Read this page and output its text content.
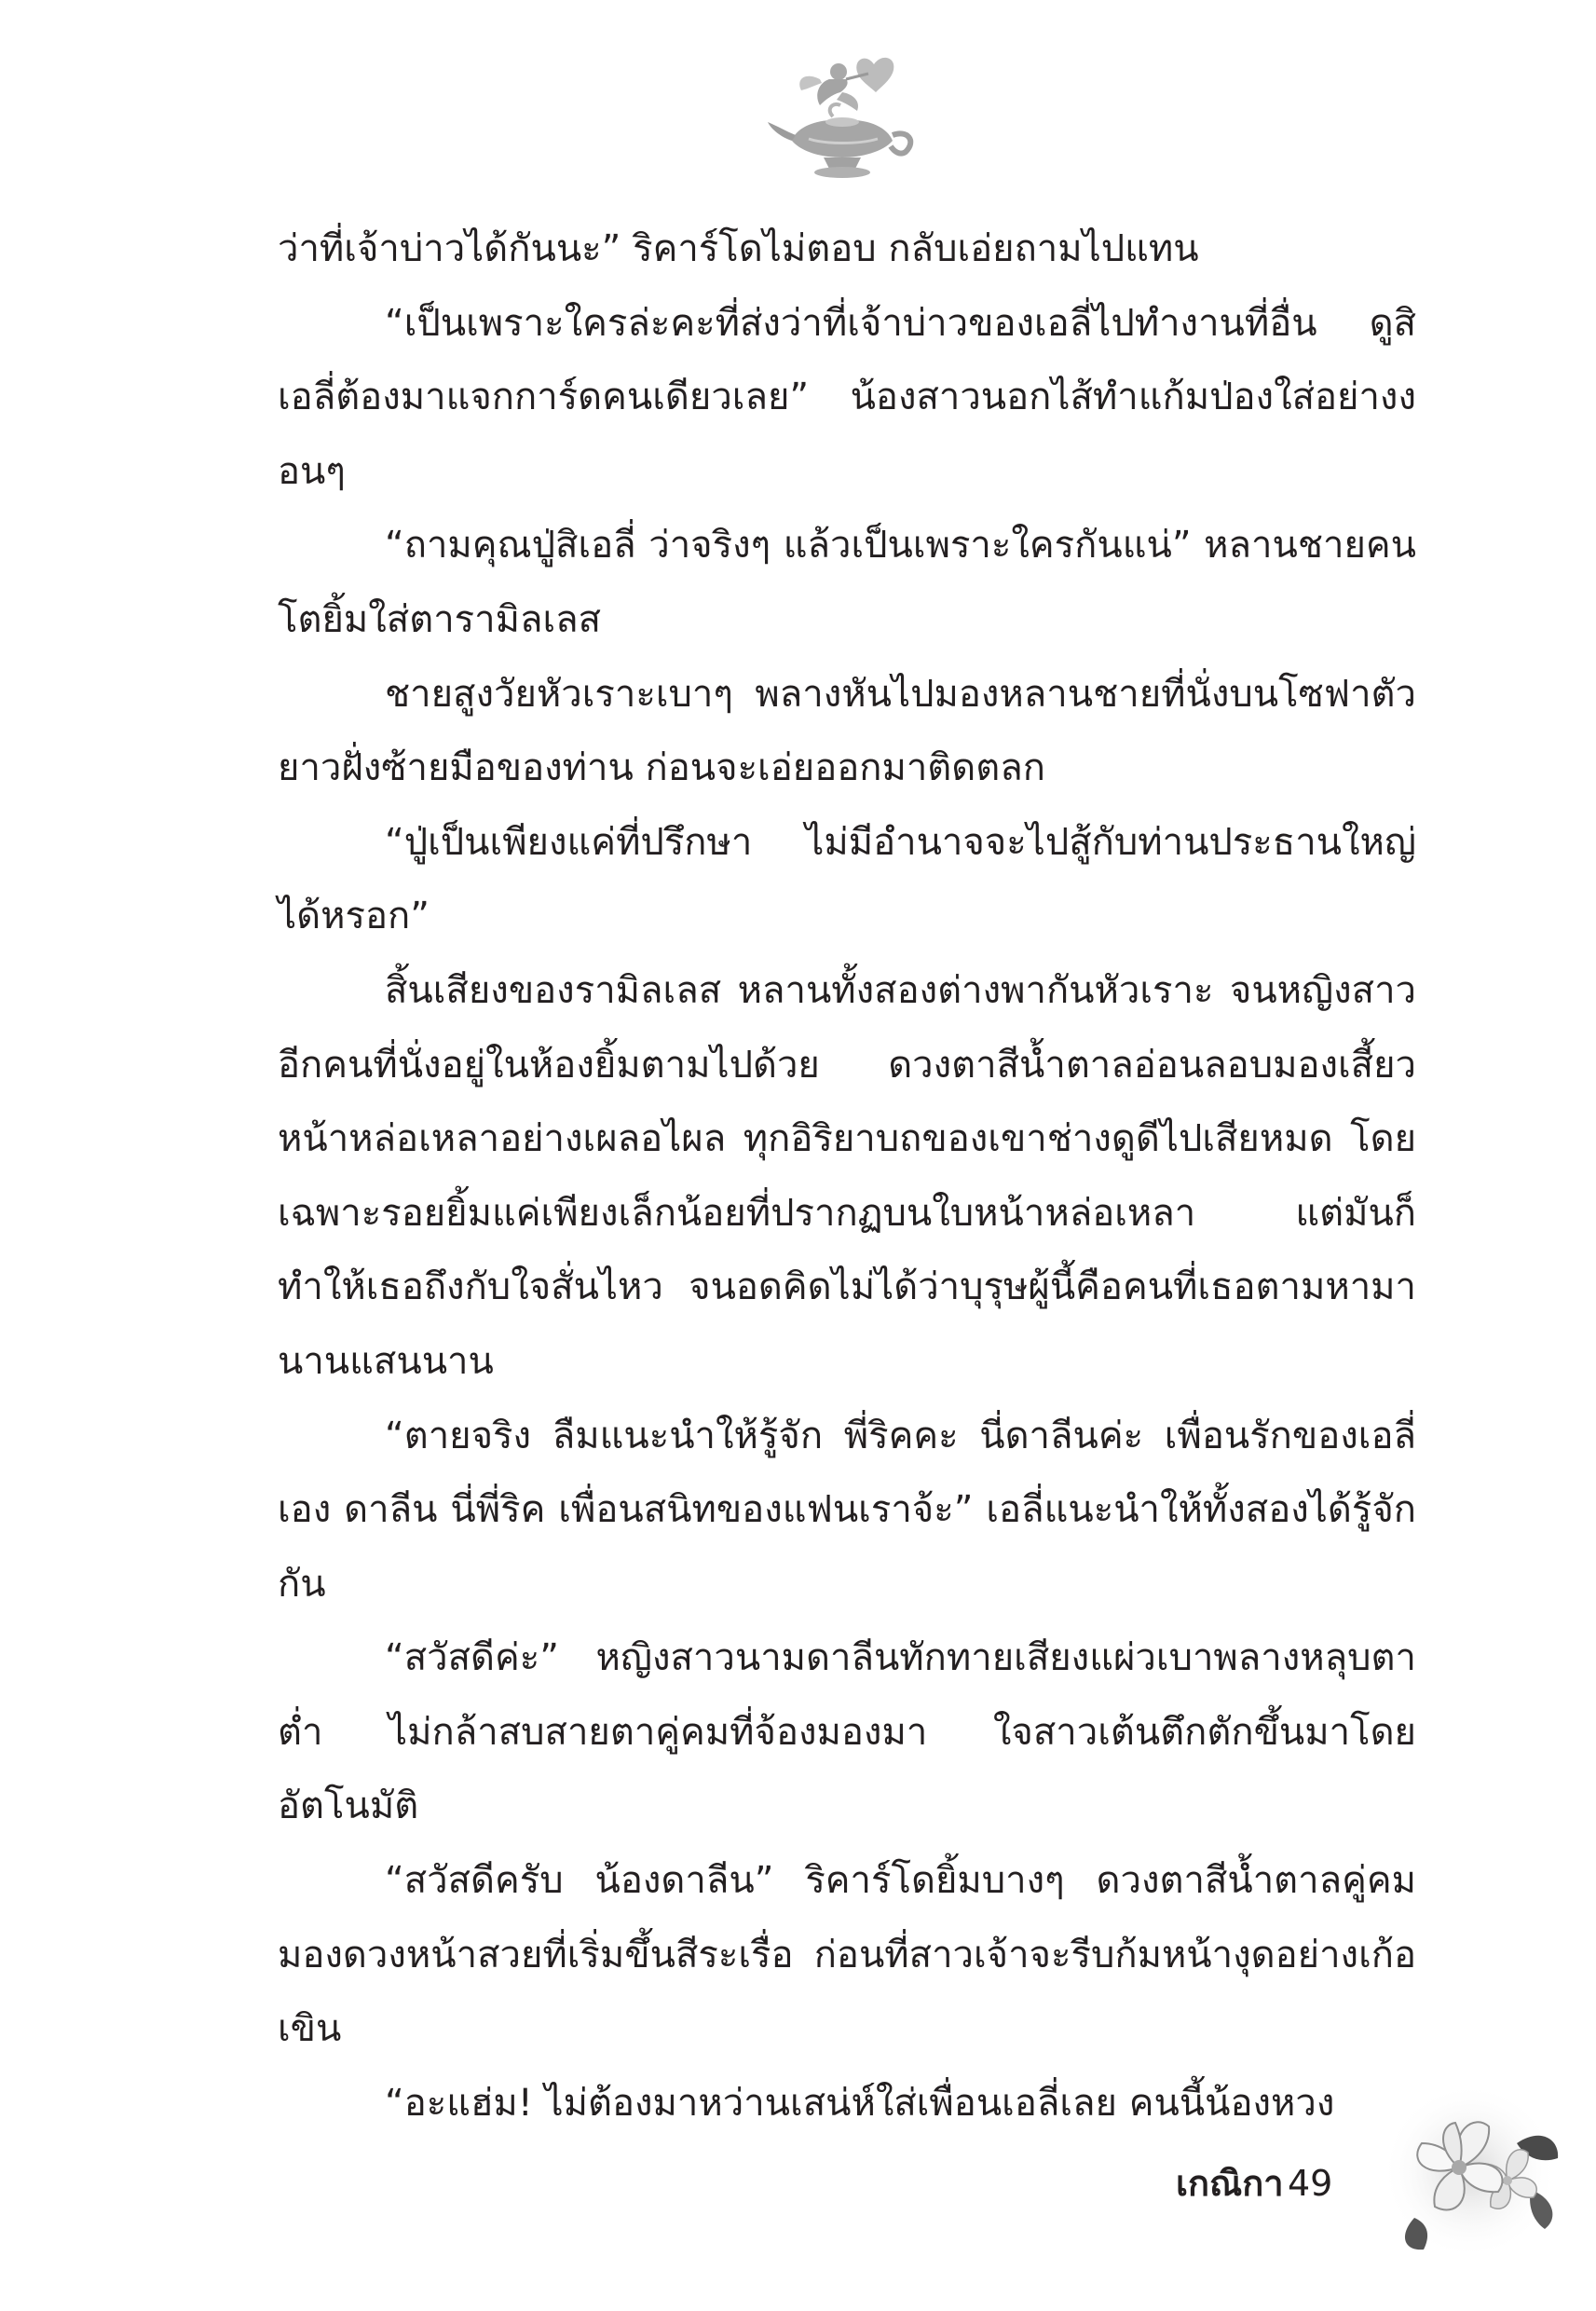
ว่าที่เจ้าบ่าวได้กันนะ” ริคาร์โดไม่ตอบ กลับเอ่ยถามไปแทน

“เป็นเพราะใครล่ะคะที่ส่งว่าที่เจ้าบ่าวของเอลี่ไปทำงานที่อื่น ดูสิ เอลี่ต้องมาแจกการ์ดคนเดียวเลย” น้องสาวนอกไส้ทำแก้มป่องใส่อย่างงอนๆ

“ถามคุณปู่สิเอลี่ ว่าจริงๆ แล้วเป็นเพราะใครกันแน่” หลานชายคนโตยิ้มใส่ตารามิลเลส

ชายสูงวัยหัวเราะเบาๆ พลางหันไปมองหลานชายที่นั่งบนโซฟาตัวยาวฝั่งซ้ายมือของท่าน ก่อนจะเอ่ยออกมาติดตลก

“ปู่เป็นเพียงแค่ที่ปรึกษา ไม่มีอำนาจจะไปสู้กับท่านประธานใหญ่ได้หรอก”

สิ้นเสียงของรามิลเลส หลานทั้งสองต่างพากันหัวเราะ จนหญิงสาวอีกคนที่นั่งอยู่ในห้องยิ้มตามไปด้วย ดวงตาสีน้ำตาลอ่อนลอบมองเสี้ยวหน้าหล่อเหลาอย่างเผลอไผล ทุกอิริยาบถของเขาช่างดูดีไปเสียหมด โดยเฉพาะรอยยิ้มแค่เพียงเล็กน้อยที่ปรากฏบนใบหน้าหล่อเหลา แต่มันก็ทำให้เธอถึงกับใจสั่นไหว จนอดคิดไม่ได้ว่าบุรุษผู้นี้คือคนที่เธอตามหามานานแสนนาน

“ตายจริง ลืมแนะนำให้รู้จัก พี่ริคคะ นี่ดาลีนค่ะ เพื่อนรักของเอลี่เอง ดาลีน นี่พี่ริค เพื่อนสนิทของแฟนเราจ้ะ” เอลี่แนะนำให้ทั้งสองได้รู้จักกัน

“สวัสดีค่ะ” หญิงสาวนามดาลีนทักทายเสียงแผ่วเบาพลางหลุบตาต่ำ ไม่กล้าสบสายตาคู่คมที่จ้องมองมา ใจสาวเต้นตึกตักขึ้นมาโดยอัตโนมัติ

“สวัสดีครับ น้องดาลีน” ริคาร์โดยิ้มบางๆ ดวงตาสีน้ำตาลคู่คมมองดวงหน้าสวยที่เริ่มขึ้นสีระเรื่อ ก่อนที่สาวเจ้าจะรีบก้มหน้างุดอย่างเก้อเขิน

“อะแฮ่ม! ไม่ต้องมาหว่านเสน่ห์ใส่เพื่อนเอลี่เลย คนนี้น้องหวง

เกณิกา 49
